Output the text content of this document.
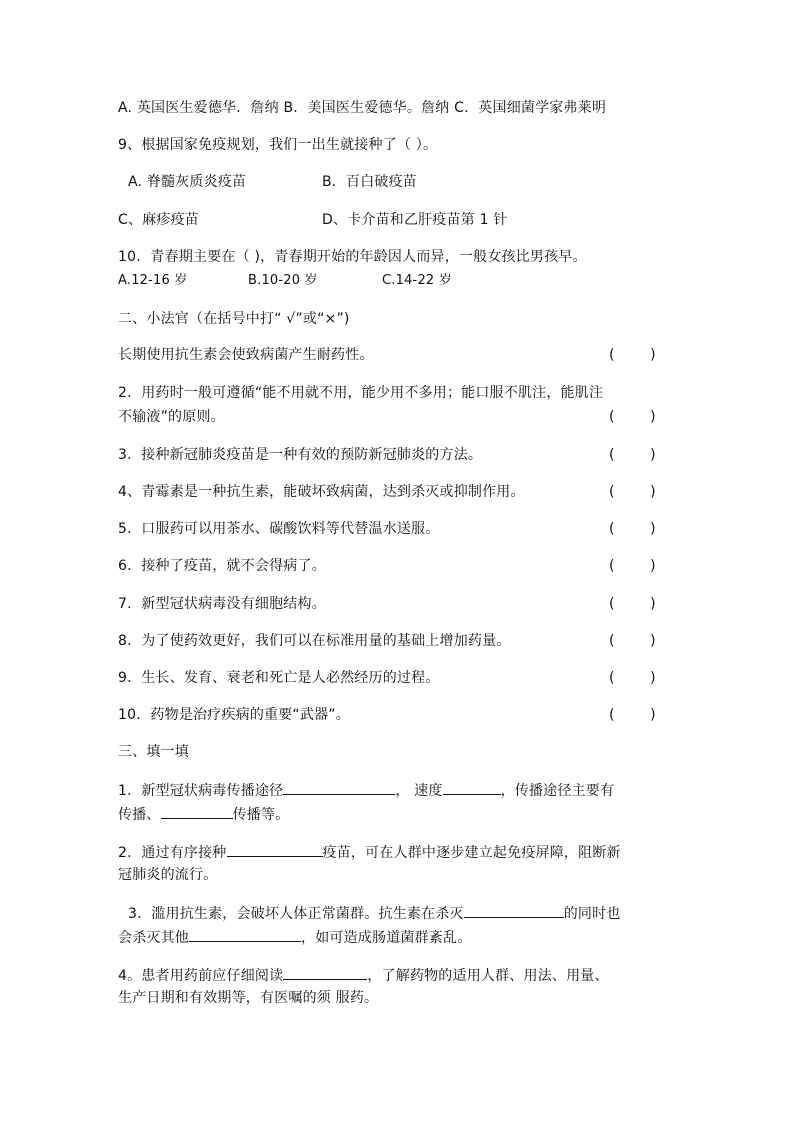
A. 英国医生爱德华．詹纳 B．美国医生爱德华。詹纳 C．英国细菌学家弗莱明
9、根据国家免疫规划，我们一出生就接种了（ ）。
A. 脊髓灰质炎疫苗	B．百白破疫苗
C、麻疹疫苗	D、卡介苗和乙肝疫苗第 1 针
10．青春期主要在（ )，青春期开始的年龄因人而异，一般女孩比男孩早。
A.12-16 岁	B.10-20 岁	C.14-22 岁
二、小法官（在括号中打“ √”或“×”)
长期使用抗生素会使致病菌产生耐药性。	(        )
2．用药时一般可遵循“能不用就不用，能少用不多用；能口服不肌注，能肌注
不输液”的原则。	(        )
3．接种新冠肺炎疫苗是一种有效的预防新冠肺炎的方法。	(        )
4、青霉素是一种抗生素，能破坏致病菌，达到杀灭或抑制作用。	(        )
5．口服药可以用茶水、碳酸饮料等代替温水送服。	(        )
6．接种了疫苗，就不会得病了。	(        )
7．新型冠状病毒没有细胞结构。	(        )
8．为了使药效更好，我们可以在标准用量的基础上增加药量。	(        )
9．生长、发育、衰老和死亡是人必然经历的过程。	(        )
10．药物是治疗疾病的重要“武器”。	(        )
三、填一填
1．新型冠状病毒传播途径	， 速度	，传播途径主要有
传播、	传播等。
2．通过有序接种	疫苗，可在人群中逐步建立起免疫屏障，阻断新
冠肺炎的流行。
3．滥用抗生素，会破坏人体正常菌群。抗生素在杀灭	的同时也
会杀灭其他	，如可造成肠道菌群紊乱。
4。患者用药前应仔细阅读	，了解药物的适用人群、用法、用量、
生产日期和有效期等，有医嘱的须 服药。
